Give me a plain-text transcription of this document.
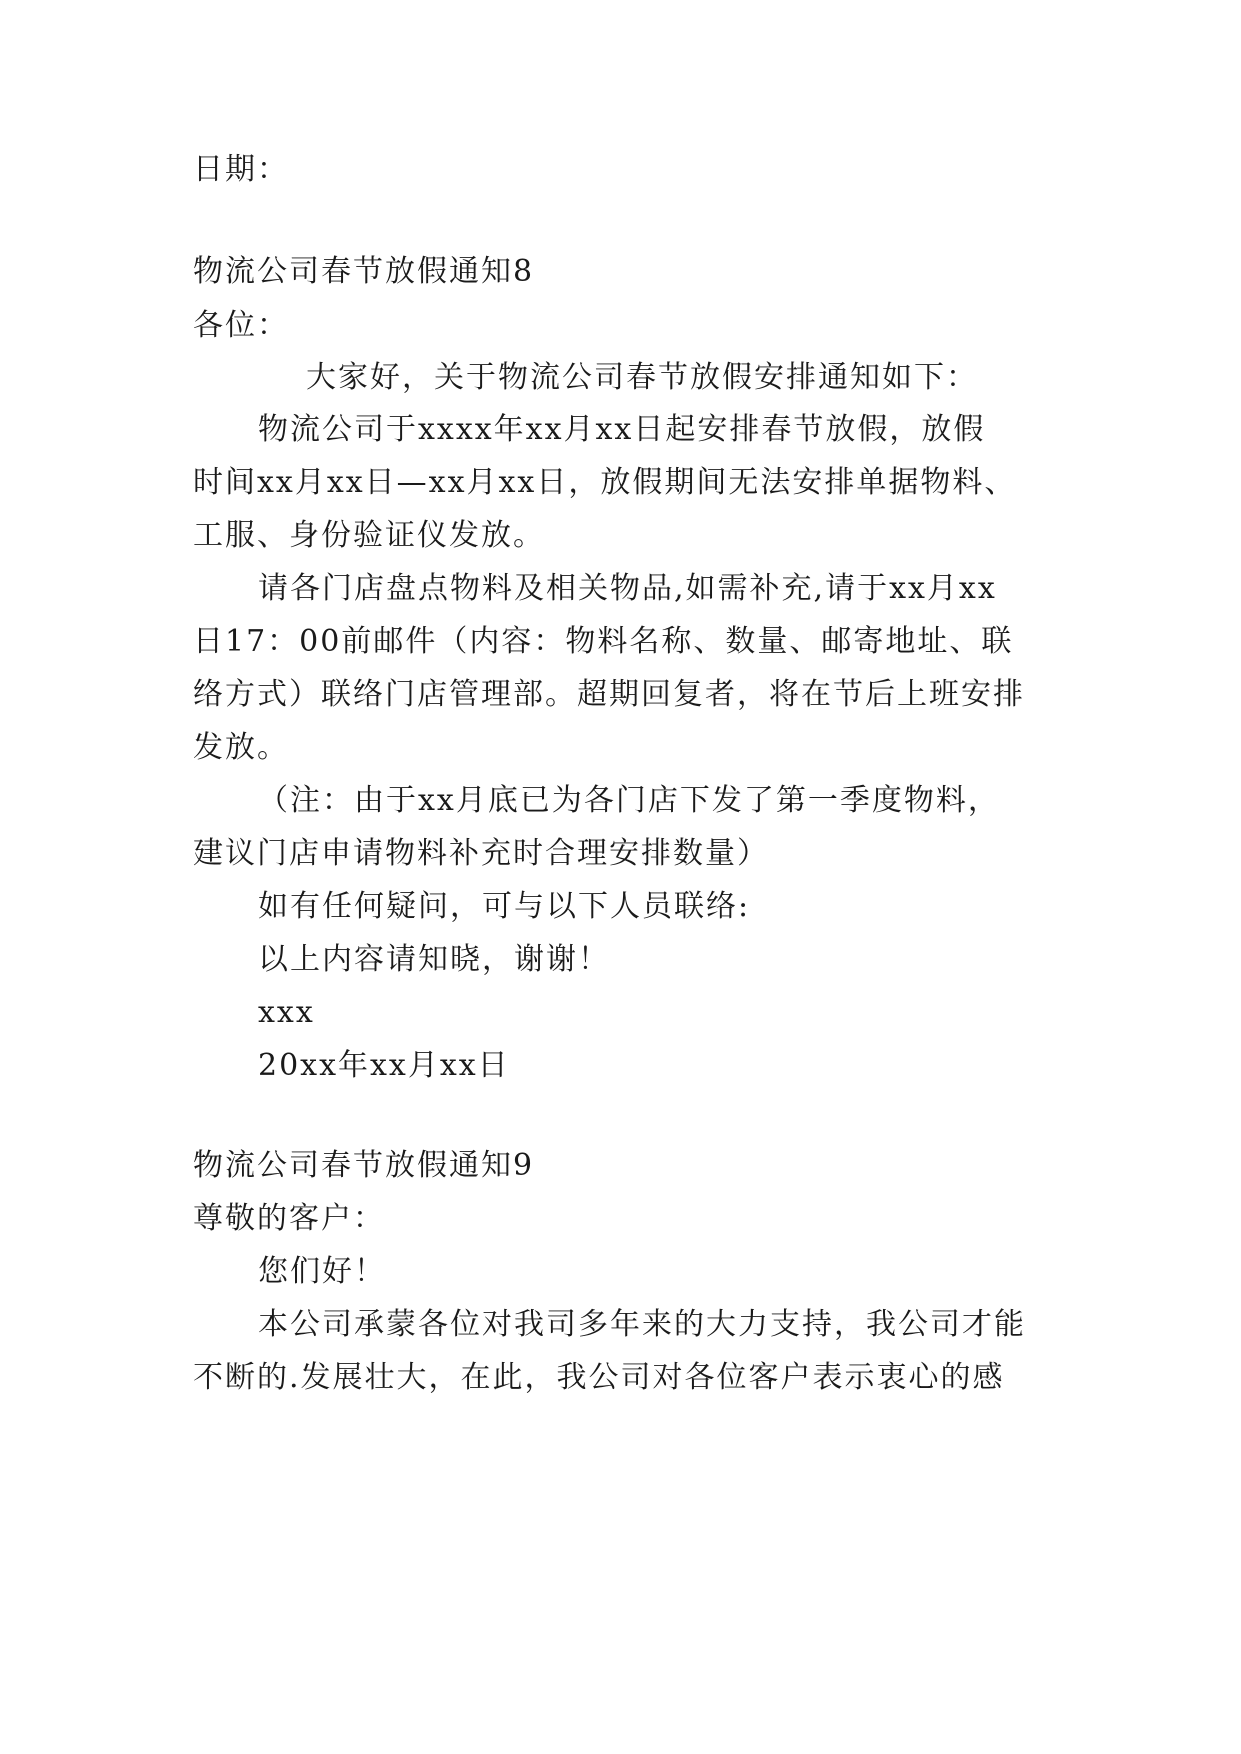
日期：
物流公司春节放假通知8
各位：
大家好，关于物流公司春节放假安排通知如下：
物流公司于xxxx年xx月xx日起安排春节放假，放假
时间xx月xx日—xx月xx日，放假期间无法安排单据物料、
工服、身份验证仪发放。
请各门店盘点物料及相关物品,如需补充,请于xx月xx
日17：00前邮件（内容：物料名称、数量、邮寄地址、联
络方式）联络门店管理部。超期回复者，将在节后上班安排
发放。
（注：由于xx月底已为各门店下发了第一季度物料，
建议门店申请物料补充时合理安排数量）
如有任何疑问，可与以下人员联络:
以上内容请知晓，谢谢！
xxx
20xx年xx月xx日
物流公司春节放假通知9
尊敬的客户：
您们好！
本公司承蒙各位对我司多年来的大力支持，我公司才能
不断的.发展壮大，在此，我公司对各位客户表示衷心的感
